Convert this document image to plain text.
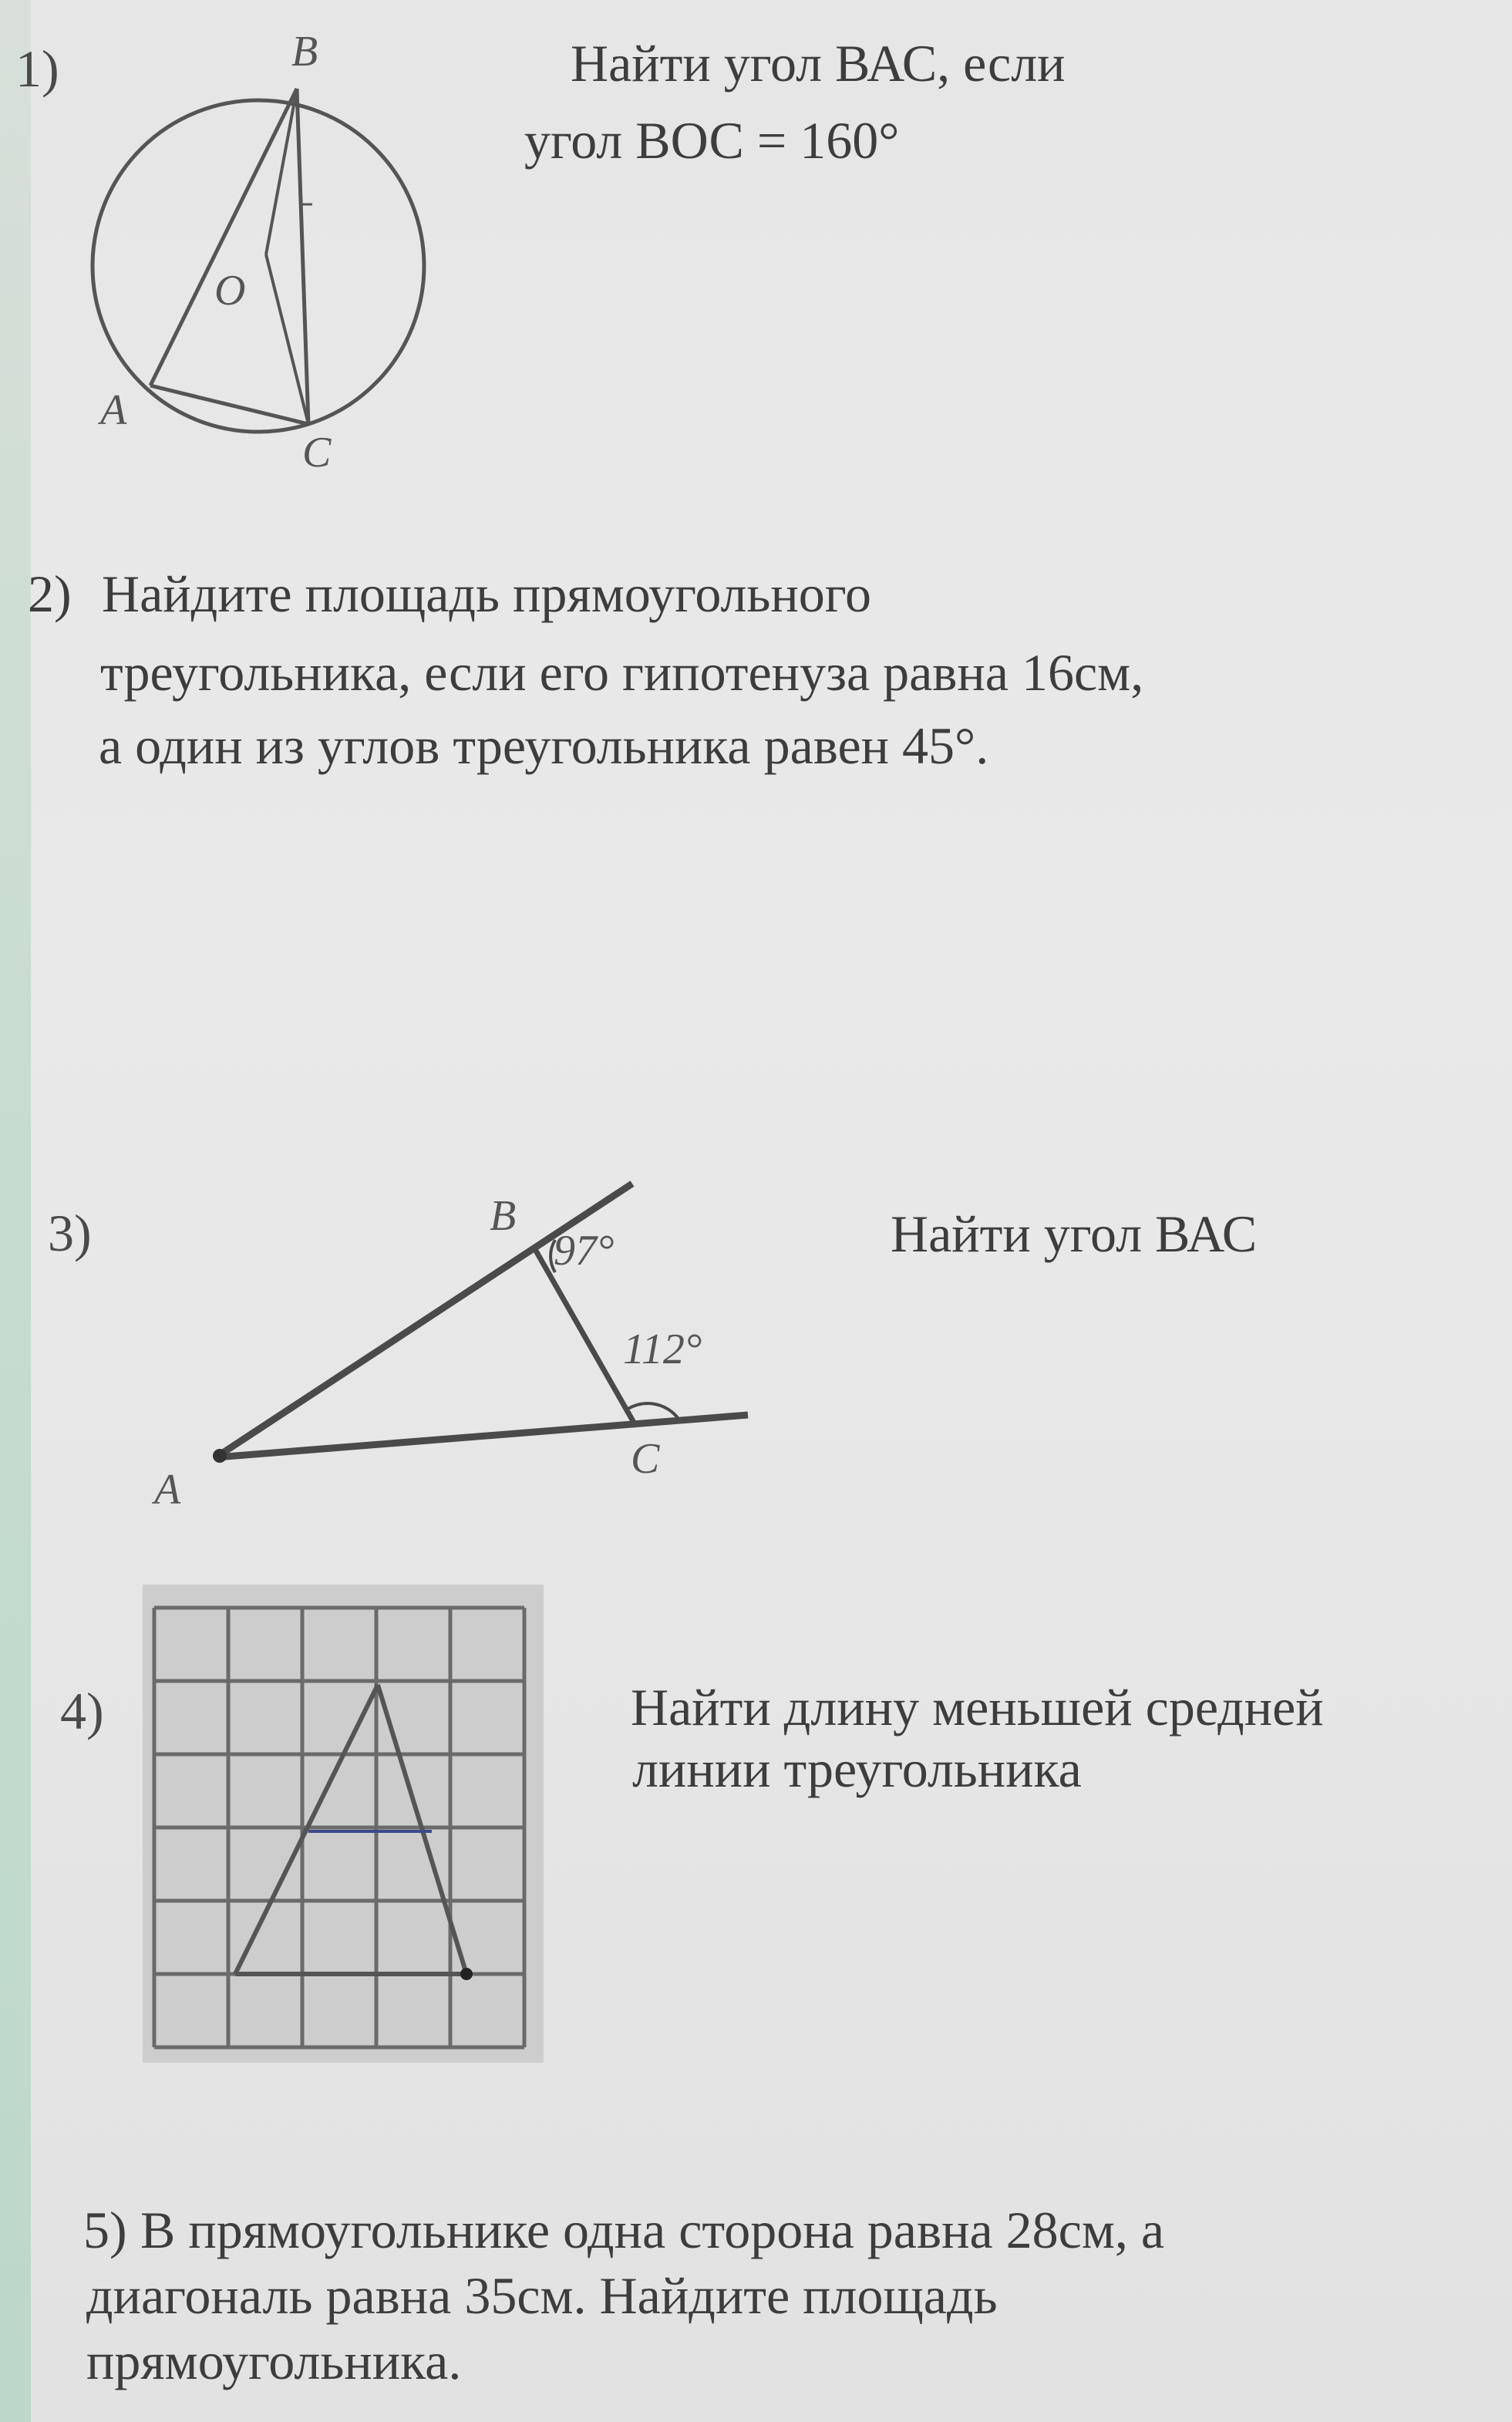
1)	B
O
A
C
Найти угол ВАС, если
угол ВОС = 160°
2) Найдите площадь прямоугольного
треугольника, если его гипотенуза равна 16см,
а один из углов треугольника равен 45°.
3)	B
A
C
97°
112°
Найти угол ВАС
4)	Найти длину меньшей средней
линии треугольника
5) В прямоугольнике одна сторона равна 28см, а
диагональ равна 35см. Найдите площадь
прямоугольника.
